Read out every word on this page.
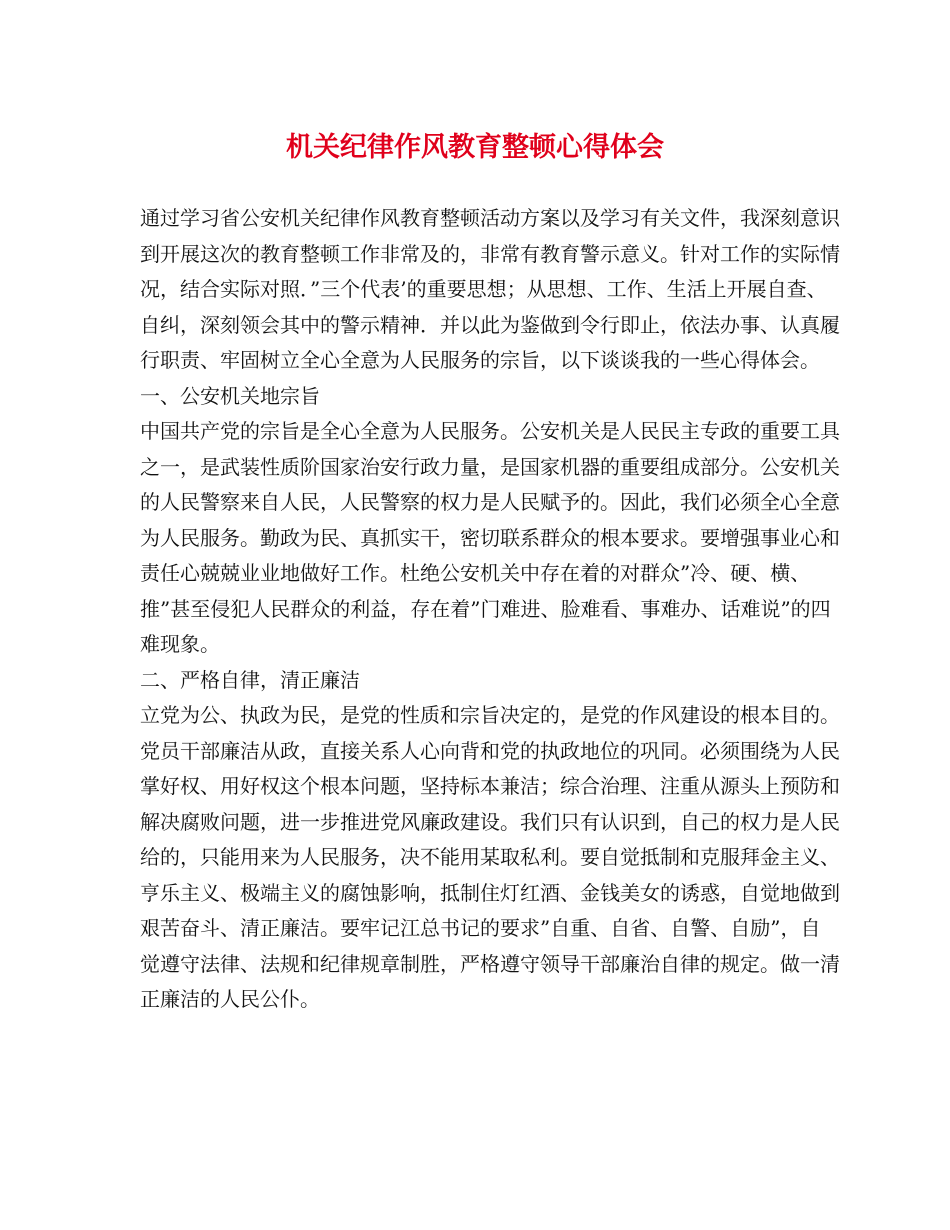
机关纪律作风教育整顿心得体会

通过学习省公安机关纪律作风教育整顿活动方案以及学习有关文件，我深刻意识到开展这次的教育整顿工作非常及的，非常有教育警示意义。针对工作的实际情况，结合实际对照．”三个代表’的重要思想；从思想、工作、生活上开展自查、自纠，深刻领会其中的警示精神．并以此为鉴做到令行即止，依法办事、认真履行职责、牢固树立全心全意为人民服务的宗旨，以下谈谈我的一些心得体会。

一、公安机关地宗旨

中国共产党的宗旨是全心全意为人民服务。公安机关是人民民主专政的重要工具之一，是武装性质阶国家治安行政力量，是国家机器的重要组成部分。公安机关的人民警察来自人民，人民警察的权力是人民赋予的。因此，我们必须全心全意为人民服务。勤政为民、真抓实干，密切联系群众的根本要求。要增强事业心和责任心兢兢业业地做好工作。杜绝公安机关中存在着的对群众”冷、硬、横、推”甚至侵犯人民群众的利益，存在着”门难进、脸难看、事难办、话难说”的四难现象。

二、严格自律，清正廉洁

立党为公、执政为民，是党的性质和宗旨决定的，是党的作风建设的根本目的。党员干部廉洁从政，直接关系人心向背和党的执政地位的巩同。必须围绕为人民掌好权、用好权这个根本问题，坚持标本兼洁；综合治理、注重从源头上预防和解决腐败问题，进一步推进党风廉政建设。我们只有认识到，自己的权力是人民给的，只能用来为人民服务，决不能用某取私利。要自觉抵制和克服拜金主义、亨乐主义、极端主义的腐蚀影响，抵制住灯红酒、金钱美女的诱惑，自觉地做到艰苦奋斗、清正廉洁。要牢记江总书记的要求”自重、自省、自警、自励”，自觉遵守法律、法规和纪律规章制胜，严格遵守领导干部廉治自律的规定。做一清正廉洁的人民公仆。
